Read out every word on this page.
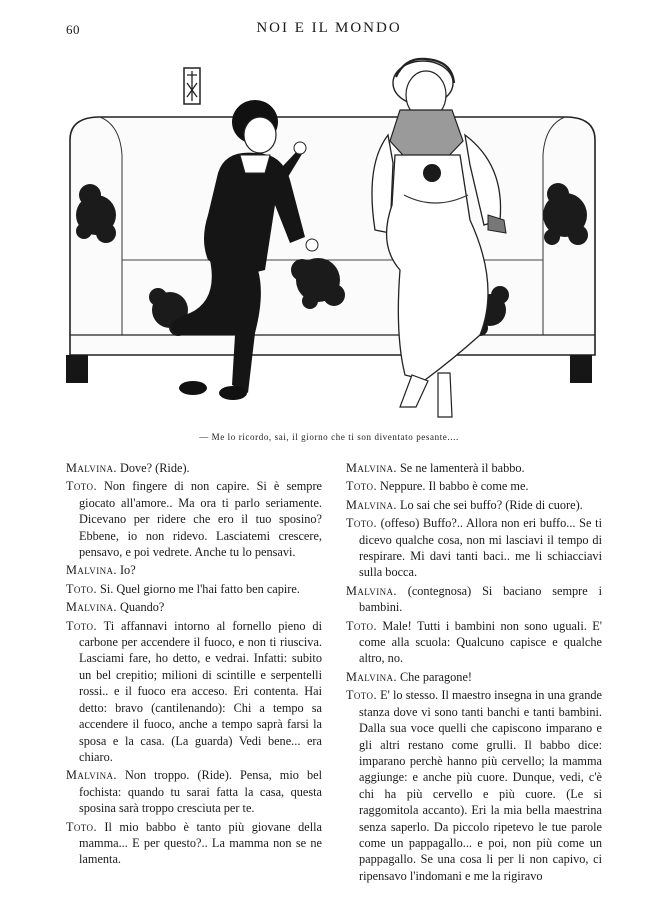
60	NOI E IL MONDO
— Me lo ricordo, sai, il giorno che ti son diventato pesante....

Malvina. Dove? (Ride).

Toto. Non fingere di non capire. Si è sempre giocato all'amore.. Ma ora ti parlo seriamente. Dicevano per ridere che ero il tuo sposino? Ebbene, io non ridevo. Lasciatemi crescere, pensavo, e poi vedrete. Anche tu lo pensavi.

Malvina. Io?

Toto. Si. Quel giorno me l'hai fatto ben capire.

Malvina. Quando?

Toto. Ti affannavi intorno al fornello pieno di carbone per accendere il fuoco, e non ti riusciva. Lasciami fare, ho detto, e vedrai. Infatti: subito un bel crepitio; milioni di scintille e serpentelli rossi.. e il fuoco era acceso. Eri contenta. Hai detto: bravo (cantilenando): Chi a tempo sa accendere il fuoco, anche a tempo saprà farsi la sposa e la casa. (La guarda) Vedi bene... era chiaro.

Malvina. Non troppo. (Ride). Pensa, mio bel fochista: quando tu sarai fatta la casa, questa sposina sarà troppo cresciuta per te.

Toto. Il mio babbo è tanto più giovane della mamma... E per questo?.. La mamma non se ne lamenta.

Malvina. Se ne lamenterà il babbo.

Toto. Neppure. Il babbo è come me.

Malvina. Lo sai che sei buffo? (Ride di cuore).

Toto. (offeso) Buffo?.. Allora non eri buffo... Se ti dicevo qualche cosa, non mi lasciavi il tempo di respirare. Mi davi tanti baci.. me li schiacciavi sulla bocca.

Malvina. (contegnosa) Si baciano sempre i bambini.

Toto. Male! Tutti i bambini non sono uguali. E' come alla scuola: Qualcuno capisce e qualche altro, no.

Malvina. Che paragone!

Toto. E' lo stesso. Il maestro insegna in una grande stanza dove vi sono tanti banchi e tanti bambini. Dalla sua voce quelli che capiscono imparano e gli altri restano come grulli. Il babbo dice: imparano perchè hanno più cervello; la mamma aggiunge: e anche più cuore. Dunque, vedi, c'è chi ha più cervello e più cuore. (Le si raggomitola accanto). Eri la mia bella maestrina senza saperlo. Da piccolo ripetevo le tue parole come un pappagallo... e poi, non più come un pappagallo. Se una cosa li per li non capivo, ci ripensavo l'indomani e me la rigiravo
